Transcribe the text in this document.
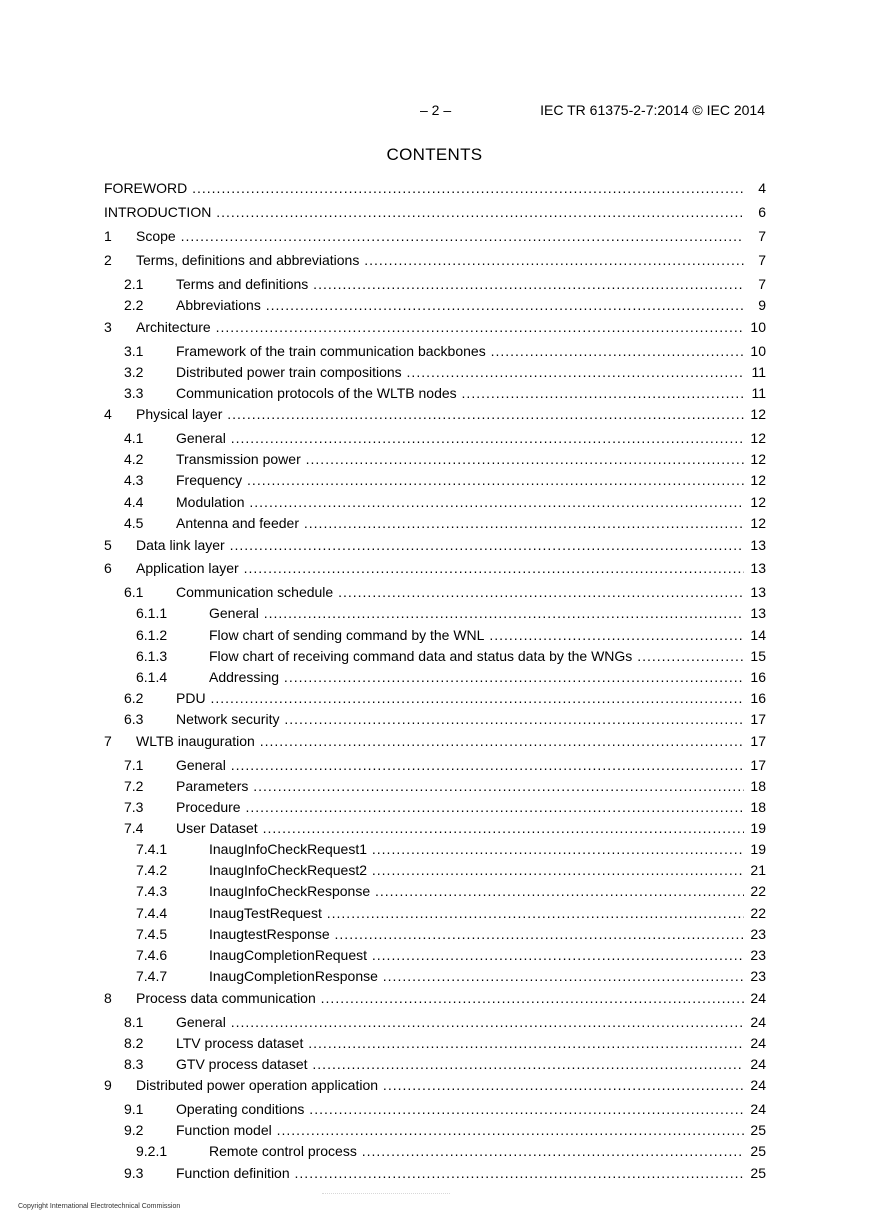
– 2 –	IEC TR 61375-2-7:2014 © IEC 2014
CONTENTS
FOREWORD .....	4
INTRODUCTION .....	6
1 Scope .....	7
2 Terms, definitions and abbreviations .....	7
2.1 Terms and definitions .....	7
2.2 Abbreviations .....	9
3 Architecture .....	10
3.1 Framework of the train communication backbones .....	10
3.2 Distributed power train compositions .....	11
3.3 Communication protocols of the WLTB nodes .....	11
4 Physical layer .....	12
4.1 General .....	12
4.2 Transmission power .....	12
4.3 Frequency .....	12
4.4 Modulation .....	12
4.5 Antenna and feeder .....	12
5 Data link layer .....	13
6 Application layer .....	13
6.1 Communication schedule .....	13
6.1.1	General .....	13
6.1.2	Flow chart of sending command by the WNL .....	14
6.1.3	Flow chart of receiving command data and status data by the WNGs .....	15
6.1.4	Addressing .....	16
6.2 PDU .....	16
6.3 Network security .....	17
7 WLTB inauguration .....	17
7.1 General .....	17
7.2 Parameters .....	18
7.3 Procedure .....	18
7.4 User Dataset .....	19
7.4.1	InaugInfoCheckRequest1 .....	19
7.4.2	InaugInfoCheckRequest2 .....	21
7.4.3	InaugInfoCheckResponse .....	22
7.4.4	InaugTestRequest .....	22
7.4.5	InaugtestResponse .....	23
7.4.6	InaugCompletionRequest .....	23
7.4.7	InaugCompletionResponse .....	23
8 Process data communication .....	24
8.1 General .....	24
8.2 LTV process dataset .....	24
8.3 GTV process dataset .....	24
9 Distributed power operation application .....	24
9.1 Operating conditions .....	24
9.2 Function model .....	25
9.2.1	Remote control process .....	25
9.3 Function definition .....	25
Copyright International Electrotechnical Commission
